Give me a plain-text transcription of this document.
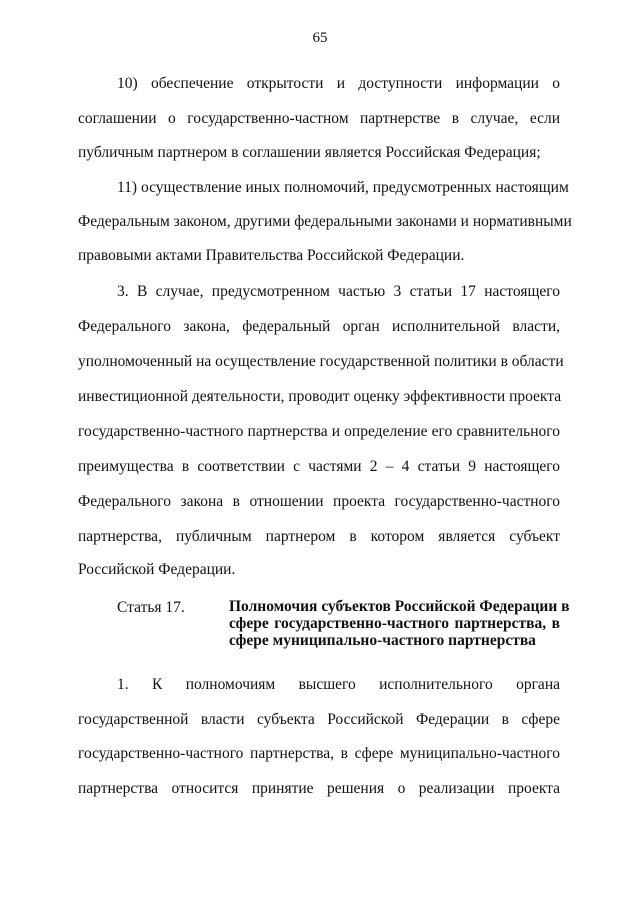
65
10) обеспечение открытости и доступности информации о
соглашении о государственно-частном партнерстве в случае, если
публичным партнером в соглашении является Российская Федерация;
11) осуществление иных полномочий, предусмотренных настоящим
Федеральным законом, другими федеральными законами и нормативными
правовыми актами Правительства Российской Федерации.
3. В случае, предусмотренном частью 3 статьи 17 настоящего
Федерального закона, федеральный орган исполнительной власти,
уполномоченный на осуществление государственной политики в области
инвестиционной деятельности, проводит оценку эффективности проекта
государственно-частного партнерства и определение его сравнительного
преимущества в соответствии с частями 2 – 4 статьи 9 настоящего
Федерального закона в отношении проекта государственно-частного
партнерства, публичным партнером в котором является субъект
Российской Федерации.
Статья 17.	Полномочия субъектов Российской Федерации в
сфере государственно-частного партнерства, в
сфере муниципально-частного партнерства
1. К полномочиям высшего исполнительного органа
государственной власти субъекта Российской Федерации в сфере
государственно-частного партнерства, в сфере муниципально-частного
партнерства относится принятие решения о реализации проекта
